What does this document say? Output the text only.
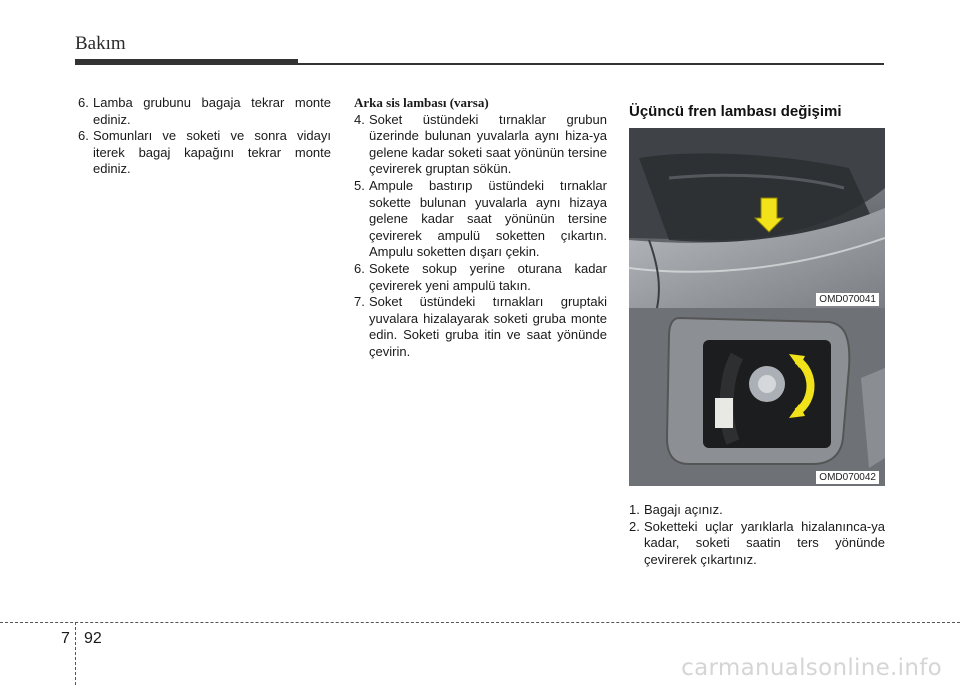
Bakım
6. Lamba grubunu bagaja tekrar monte ediniz.
6. Somunları ve soketi ve sonra vidayı iterek bagaj kapağını tekrar monte ediniz.
Arka sis lambası (varsa)
4. Soket üstündeki tırnaklar grubun üzerinde bulunan yuvalarla aynı hiza-ya gelene kadar soketi saat yönünün tersine çevirerek gruptan sökün.
5. Ampule bastırıp üstündeki tırnaklar sokette bulunan yuvalarla aynı hizaya gelene kadar saat yönünün tersine çevirerek ampulü soketten çıkartın. Ampulu soketten dışarı çekin.
6. Sokete sokup yerine oturana kadar çevirerek yeni ampulü takın.
7. Soket üstündeki tırnakları gruptaki yuvalara hizalayarak soketi gruba monte edin. Soketi gruba itin ve saat yönünde çevirin.
Üçüncü fren lambası değişimi
OMD070041
OMD070042
1. Bagajı açınız.
2. Soketteki uçlar yarıklarla hizalanınca-ya kadar, soketi saatin ters yönünde çevirerek çıkartınız.
7 92
carmanualsonline.info
